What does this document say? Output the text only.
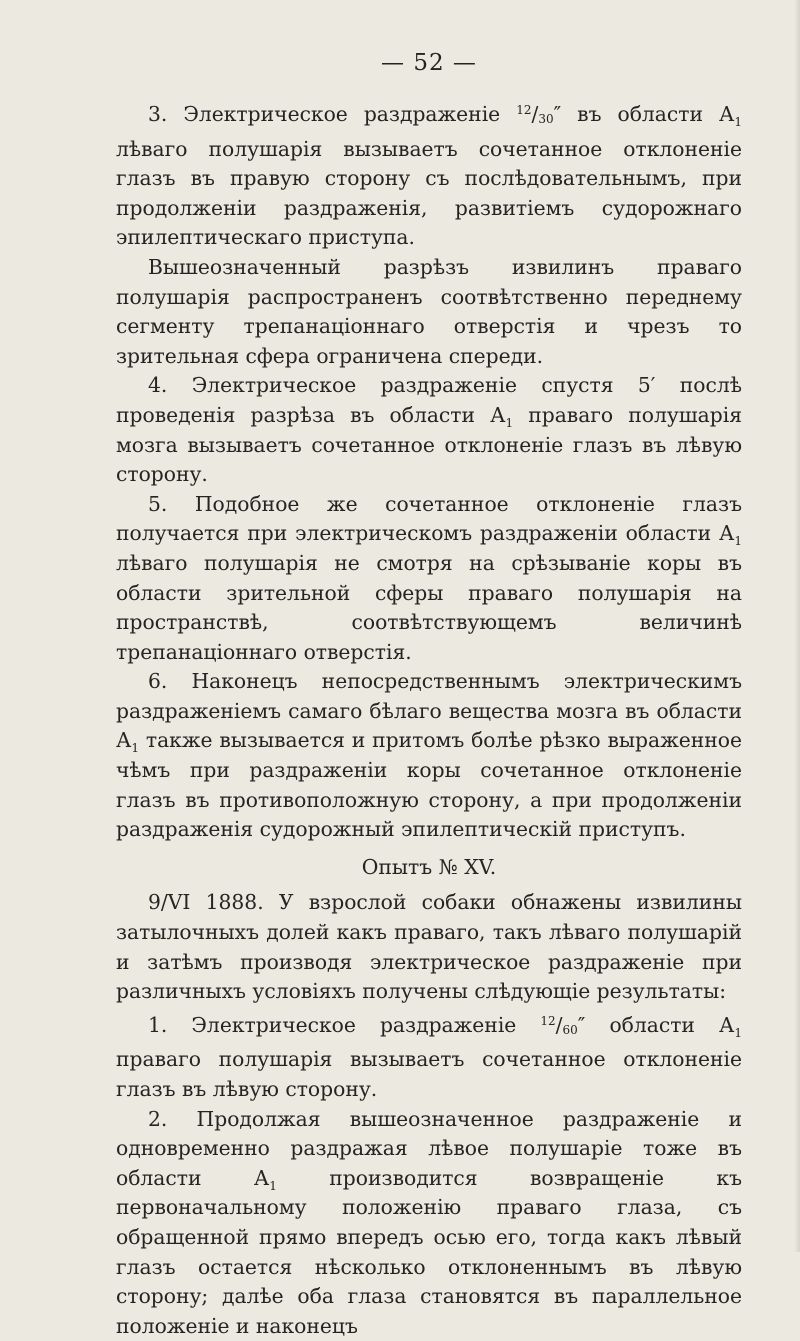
— 52 —

3. Электрическое раздраженіе $^{12}$/30″ въ области $А_1$ лѣваго полушарія вызываетъ сочетанное отклоненіе глазъ въ правую сторону съ послѣдовательнымъ, при продолженіи раздраженія, развитіемъ судорожнаго эпилептическаго приступа.

Вышеозначенный разрѣзъ извилинъ праваго полушарія распространенъ соотвѣтственно переднему сегменту трепанаціоннаго отверстія и чрезъ то зрительная сфера ограничена спереди.

4. Электрическое раздраженіе спустя 5′ послѣ проведенія разрѣза въ области $А_1$ праваго полушарія мозга вызываетъ сочетанное отклоненіе глазъ въ лѣвую сторону.

5. Подобное же сочетанное отклоненіе глазъ получается при электрическомъ раздраженіи области $А_1$ лѣваго полушарія не смотря на срѣзываніе коры въ области зрительной сферы праваго полушарія на пространствѣ, соотвѣтствующемъ величинѣ трепанаціоннаго отверстія.

6. Наконецъ непосредственнымъ электрическимъ раздраженіемъ самаго бѣлаго вещества мозга въ области $А_1$ также вызывается и притомъ болѣе рѣзко выраженное чѣмъ при раздраженіи коры сочетанное отклоненіе глазъ въ противоположную сторону, а при продолженіи раздраженія судорожный эпилептическій приступъ.

Опытъ № XV.

9/VI 1888. У взрослой собаки обнажены извилины затылочныхъ долей какъ праваго, такъ лѣваго полушарій и затѣмъ производя электрическое раздраженіе при различныхъ условіяхъ получены слѣдующіе результаты:

1. Электрическое раздраженіе $^{12}$/60″ области $А_1$ праваго полушарія вызываетъ сочетанное отклоненіе глазъ въ лѣвую сторону.

2. Продолжая вышеозначенное раздраженіе и одновременно раздражая лѣвое полушаріе тоже въ области $А_1$ производится возвращеніе къ первоначальному положенію праваго глаза, съ обращенной прямо впередъ осью его, тогда какъ лѣвый глазъ остается нѣсколько отклоненнымъ въ лѣвую сторону; далѣе оба глаза становятся въ параллельное положеніе и наконецъ
